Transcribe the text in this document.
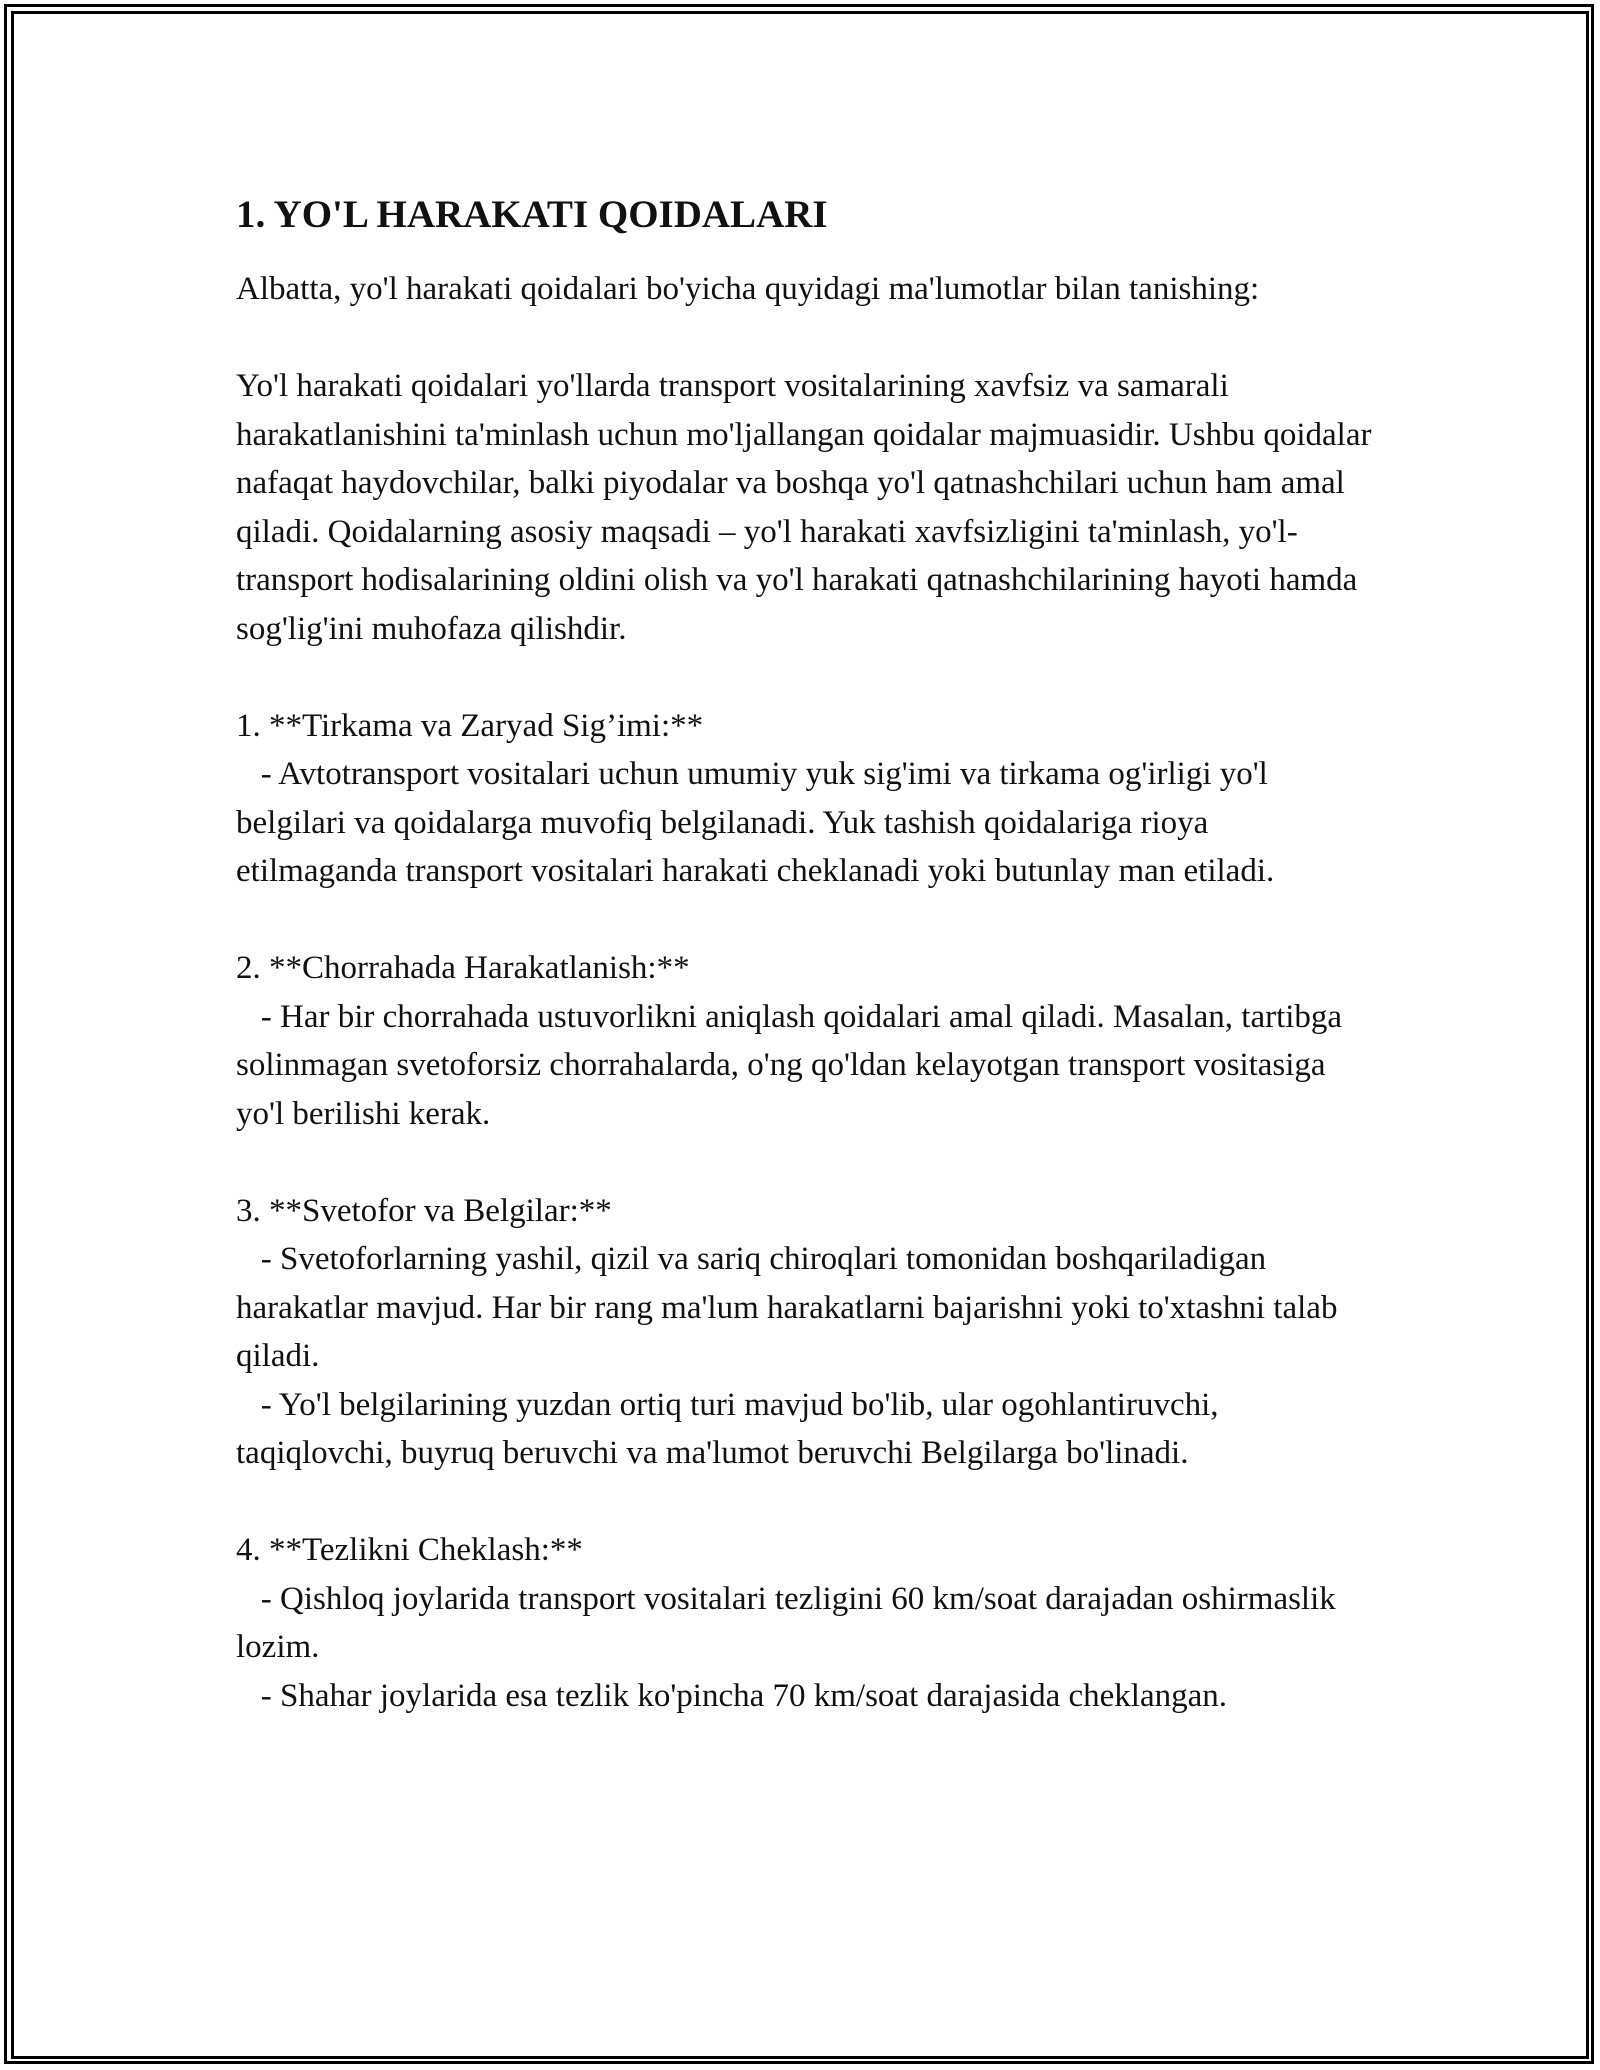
1. YO'L HARAKATI QOIDALARI

Albatta, yo'l harakati qoidalari bo'yicha quyidagi ma'lumotlar bilan tanishing:

Yo'l harakati qoidalari yo'llarda transport vositalarining xavfsiz va samarali harakatlanishini ta'minlash uchun mo'ljallangan qoidalar majmuasidir. Ushbu qoidalar nafaqat haydovchilar, balki piyodalar va boshqa yo'l qatnashchilari uchun ham amal qiladi. Qoidalarning asosiy maqsadi – yo'l harakati xavfsizligini ta'minlash, yo'l-transport hodisalarining oldini olish va yo'l harakati qatnashchilarining hayoti hamda sog'lig'ini muhofaza qilishdir.

1. **Tirkama va Zaryad Sig’imi:**

- Avtotransport vositalari uchun umumiy yuk sig'imi va tirkama og'irligi yo'l belgilari va qoidalarga muvofiq belgilanadi. Yuk tashish qoidalariga rioya etilmaganda transport vositalari harakati cheklanadi yoki butunlay man etiladi.

2. **Chorrahada Harakatlanish:**

- Har bir chorrahada ustuvorlikni aniqlash qoidalari amal qiladi. Masalan, tartibga solinmagan svetoforsiz chorrahalarda, o'ng qo'ldan kelayotgan transport vositasiga yo'l berilishi kerak.

3. **Svetofor va Belgilar:**

- Svetoforlarning yashil, qizil va sariq chiroqlari tomonidan boshqariladigan harakatlar mavjud. Har bir rang ma'lum harakatlarni bajarishni yoki to'xtashni talab qiladi.

- Yo'l belgilarining yuzdan ortiq turi mavjud bo'lib, ular ogohlantiruvchi, taqiqlovchi, buyruq beruvchi va ma'lumot beruvchi Belgilarga bo'linadi.

4. **Tezlikni Cheklash:**

- Qishloq joylarida transport vositalari tezligini 60 km/soat darajadan oshirmaslik lozim.

- Shahar joylarida esa tezlik ko'pincha 70 km/soat darajasida cheklangan.
